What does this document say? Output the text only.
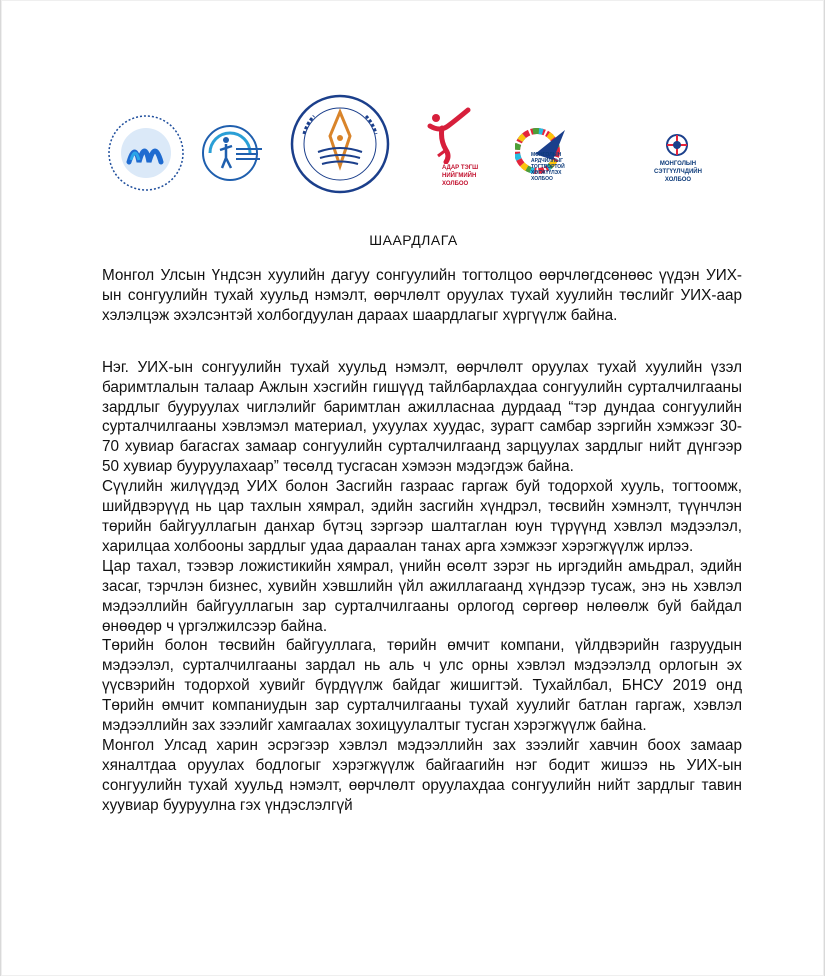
АДАР ТЭГШ НИЙГМИЙН ХОЛБОО
МОНГОЛЫН АРДЧИЛЛЫГ ТОГТВОРТОЙ ХӨГЖҮҮЛЭХ ХОЛБОО
МОНГОЛЫН СЭТГҮҮЛЧДИЙН ХОЛБОО
ШААРДЛАГА

Монгол Улсын Үндсэн хуулийн дагуу сонгуулийн тогтолцоо өөрчлөгдсөнөөс үүдэн УИХ-ын сонгуулийн тухай хуульд нэмэлт, өөрчлөлт оруулах тухай хуулийн төслийг УИХ-аар хэлэлцэж эхэлсэнтэй холбогдуулан дараах шаардлагыг хүргүүлж байна.

Нэг. УИХ-ын сонгуулийн тухай хуульд нэмэлт, өөрчлөлт оруулах тухай хуулийн үзэл баримтлалын талаар Ажлын хэсгийн гишүүд тайлбарлахдаа сонгуулийн сурталчилгааны зардлыг бууруулах чиглэлийг баримтлан ажилласнаа дурдаад “тэр дундаа сонгуулийн сурталчилгааны хэвлэмэл материал, ухуулах хуудас, зурагт самбар зэргийн хэмжээг 30-70 хувиар багасгах замаар сонгуулийн сурталчилгаанд зарцуулах зардлыг нийт дүнгээр 50 хувиар бууруулахаар” төсөлд тусгасан хэмээн мэдэгдэж байна.

Сүүлийн жилүүдэд УИХ болон Засгийн газраас гаргаж буй тодорхой хууль, тогтоомж, шийдвэрүүд нь цар тахлын хямрал, эдийн засгийн хүндрэл, төсвийн хэмнэлт, түүнчлэн төрийн байгууллагын данхар бүтэц зэргээр шалтаглан юун түрүүнд хэвлэл мэдээлэл, харилцаа холбооны зардлыг удаа дараалан танах арга хэмжээг хэрэгжүүлж ирлээ.

Цар тахал, тээвэр ложистикийн хямрал, үнийн өсөлт зэрэг нь иргэдийн амьдрал, эдийн засаг, тэрчлэн бизнес, хувийн хэвшлийн үйл ажиллагаанд хүндээр тусаж, энэ нь хэвлэл мэдээллийн байгууллагын зар сурталчилгааны орлогод сөргөөр нөлөөлж буй байдал өнөөдөр ч үргэлжилсээр байна.

Төрийн болон төсвийн байгууллага, төрийн өмчит компани, үйлдвэрийн газруудын мэдээлэл, сурталчилгааны зардал нь аль ч улс орны хэвлэл мэдээлэлд орлогын эх үүсвэрийн тодорхой хувийг бүрдүүлж байдаг жишигтэй. Тухайлбал, БНСУ 2019 онд Төрийн өмчит компаниудын зар сурталчилгааны тухай хуулийг батлан гаргаж, хэвлэл мэдээллийн зах зээлийг хамгаалах зохицуулалтыг тусган хэрэгжүүлж байна.

Монгол Улсад харин эсрэгээр хэвлэл мэдээллийн зах зээлийг хавчин боох замаар хяналтдаа оруулах бодлогыг хэрэгжүүлж байгаагийн нэг бодит жишээ нь УИХ-ын сонгуулийн тухай хуульд нэмэлт, өөрчлөлт оруулахдаа сонгуулийн нийт зардлыг тавин хуувиар бууруулна гэх үндэслэлгүй
